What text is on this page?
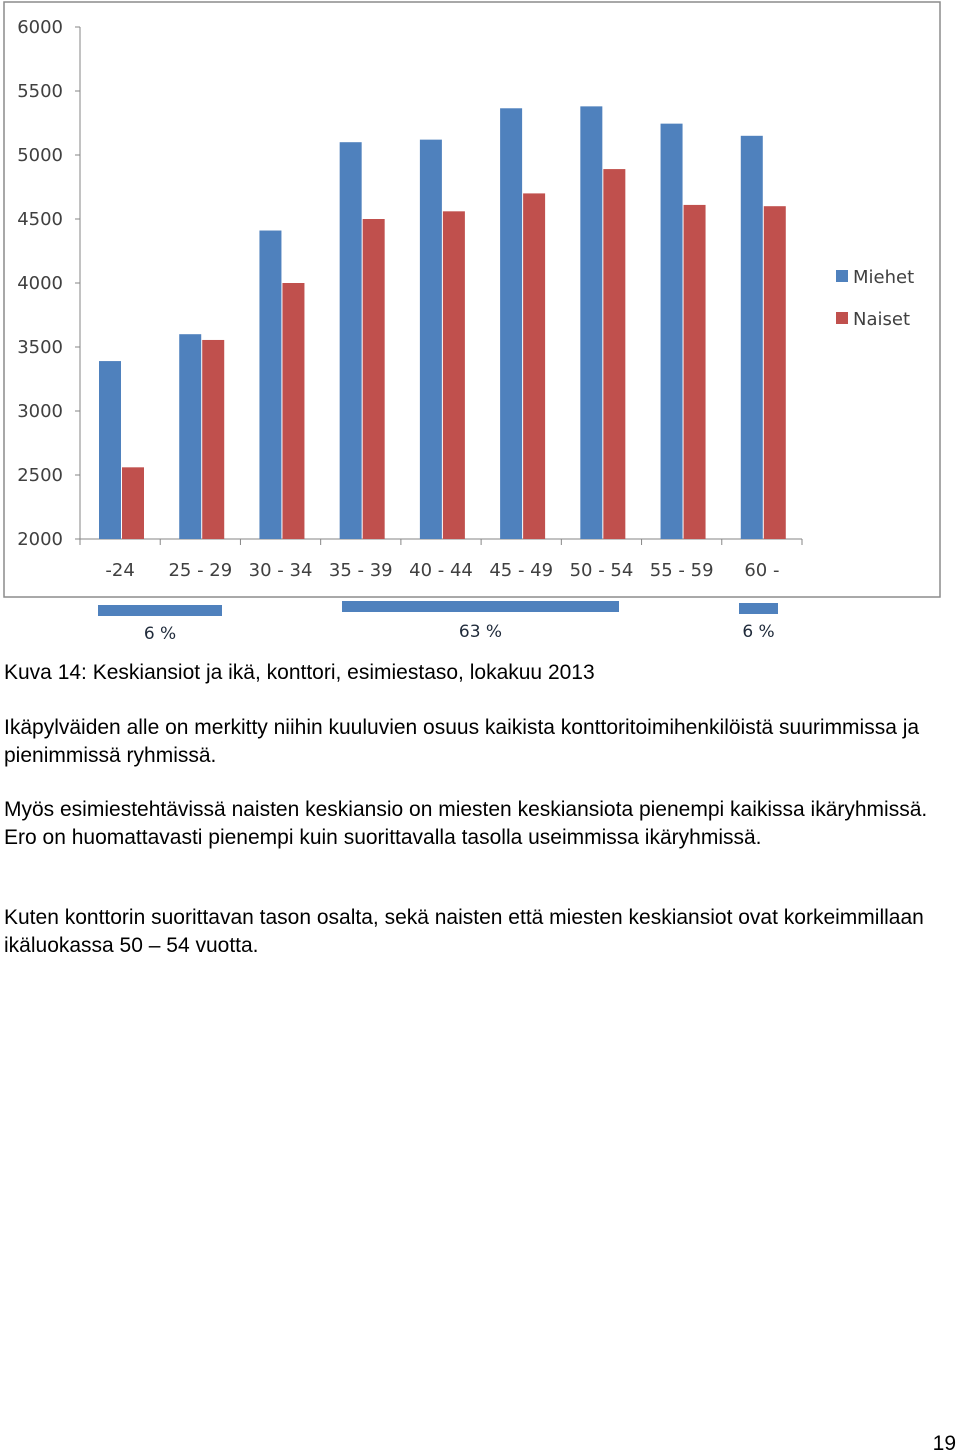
2000
2500
3000
3500
4000
4500
5000
5500
6000
-24 25 - 29 30 - 34 35 - 39 40 - 44 45 - 49 50 - 54 55 - 59 60 -
Miehet
Naiset
6 %	63 %	6 %

Kuva 14: Keskiansiot ja ikä, konttori, esimiestaso, lokakuu 2013

Ikäpylväiden alle on merkitty niihin kuuluvien osuus kaikista konttoritoimihenkilöistä suurimmissa ja pienimmissä ryhmissä.

Myös esimiestehtävissä naisten keskiansio on miesten keskiansiota pienempi kaikissa ikäryhmissä. Ero on huomattavasti pienempi kuin suorittavalla tasolla useimmissa ikäryhmissä.

Kuten konttorin suorittavan tason osalta, sekä naisten että miesten keskiansiot ovat korkeimmillaan ikäluokassa 50 – 54 vuotta.

19
